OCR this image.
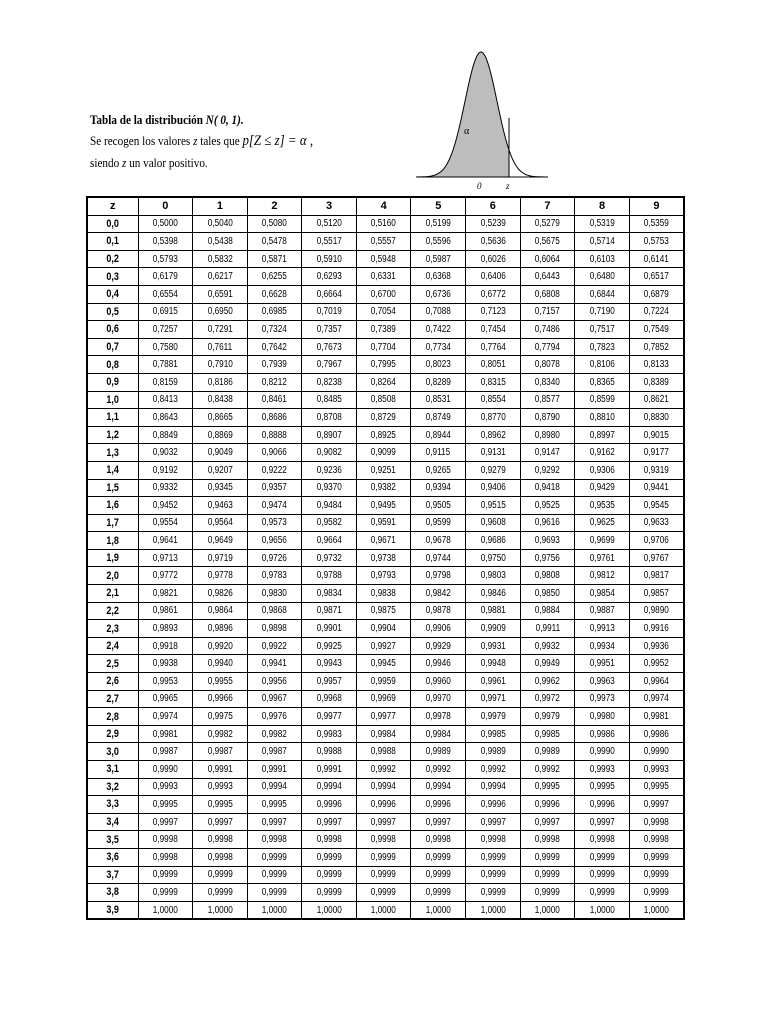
Tabla de la distribución N( 0, 1).
Se recogen los valores z tales que p[Z ≤ z] = α ,
siendo z un valor positivo.
α
0	z
z	0	1	2	3	4	5	6	7	8	9
0,0	0,5000	0,5040	0,5080	0,5120	0,5160	0,5199	0,5239	0,5279	0,5319	0,5359
0,1	0,5398	0,5438	0,5478	0,5517	0,5557	0,5596	0,5636	0,5675	0,5714	0,5753
0,2	0,5793	0,5832	0,5871	0,5910	0,5948	0,5987	0,6026	0,6064	0,6103	0,6141
0,3	0,6179	0,6217	0,6255	0,6293	0,6331	0,6368	0,6406	0,6443	0,6480	0,6517
0,4	0,6554	0,6591	0,6628	0,6664	0,6700	0,6736	0,6772	0,6808	0,6844	0,6879
0,5	0,6915	0,6950	0,6985	0,7019	0,7054	0,7088	0,7123	0,7157	0,7190	0,7224
0,6	0,7257	0,7291	0,7324	0,7357	0,7389	0,7422	0,7454	0,7486	0,7517	0,7549
0,7	0,7580	0,7611	0,7642	0,7673	0,7704	0,7734	0,7764	0,7794	0,7823	0,7852
0,8	0,7881	0,7910	0,7939	0,7967	0,7995	0,8023	0,8051	0,8078	0,8106	0,8133
0,9	0,8159	0,8186	0,8212	0,8238	0,8264	0,8289	0,8315	0,8340	0,8365	0,8389
1,0	0,8413	0,8438	0,8461	0,8485	0,8508	0,8531	0,8554	0,8577	0,8599	0,8621
1,1	0,8643	0,8665	0,8686	0,8708	0,8729	0,8749	0,8770	0,8790	0,8810	0,8830
1,2	0,8849	0,8869	0,8888	0,8907	0,8925	0,8944	0,8962	0,8980	0,8997	0,9015
1,3	0,9032	0,9049	0,9066	0,9082	0,9099	0,9115	0,9131	0,9147	0,9162	0,9177
1,4	0,9192	0,9207	0,9222	0,9236	0,9251	0,9265	0,9279	0,9292	0,9306	0,9319
1,5	0,9332	0,9345	0,9357	0,9370	0,9382	0,9394	0,9406	0,9418	0,9429	0,9441
1,6	0,9452	0,9463	0,9474	0,9484	0,9495	0,9505	0,9515	0,9525	0,9535	0,9545
1,7	0,9554	0,9564	0,9573	0,9582	0,9591	0,9599	0,9608	0,9616	0,9625	0,9633
1,8	0,9641	0,9649	0,9656	0,9664	0,9671	0,9678	0,9686	0,9693	0,9699	0,9706
1,9	0,9713	0,9719	0,9726	0,9732	0,9738	0,9744	0,9750	0,9756	0,9761	0,9767
2,0	0,9772	0,9778	0,9783	0,9788	0,9793	0,9798	0,9803	0,9808	0,9812	0,9817
2,1	0,9821	0,9826	0,9830	0,9834	0,9838	0,9842	0,9846	0,9850	0,9854	0,9857
2,2	0,9861	0,9864	0,9868	0,9871	0,9875	0,9878	0,9881	0,9884	0,9887	0,9890
2,3	0,9893	0,9896	0,9898	0,9901	0,9904	0,9906	0,9909	0,9911	0,9913	0,9916
2,4	0,9918	0,9920	0,9922	0,9925	0,9927	0,9929	0,9931	0,9932	0,9934	0,9936
2,5	0,9938	0,9940	0,9941	0,9943	0,9945	0,9946	0,9948	0,9949	0,9951	0,9952
2,6	0,9953	0,9955	0,9956	0,9957	0,9959	0,9960	0,9961	0,9962	0,9963	0,9964
2,7	0,9965	0,9966	0,9967	0,9968	0,9969	0,9970	0,9971	0,9972	0,9973	0,9974
2,8	0,9974	0,9975	0,9976	0,9977	0,9977	0,9978	0,9979	0,9979	0,9980	0,9981
2,9	0,9981	0,9982	0,9982	0,9983	0,9984	0,9984	0,9985	0,9985	0,9986	0,9986
3,0	0,9987	0,9987	0,9987	0,9988	0,9988	0,9989	0,9989	0,9989	0,9990	0,9990
3,1	0,9990	0,9991	0,9991	0,9991	0,9992	0,9992	0,9992	0,9992	0,9993	0,9993
3,2	0,9993	0,9993	0,9994	0,9994	0,9994	0,9994	0,9994	0,9995	0,9995	0,9995
3,3	0,9995	0,9995	0,9995	0,9996	0,9996	0,9996	0,9996	0,9996	0,9996	0,9997
3,4	0,9997	0,9997	0,9997	0,9997	0,9997	0,9997	0,9997	0,9997	0,9997	0,9998
3,5	0,9998	0,9998	0,9998	0,9998	0,9998	0,9998	0,9998	0,9998	0,9998	0,9998
3,6	0,9998	0,9998	0,9999	0,9999	0,9999	0,9999	0,9999	0,9999	0,9999	0,9999
3,7	0,9999	0,9999	0,9999	0,9999	0,9999	0,9999	0,9999	0,9999	0,9999	0,9999
3,8	0,9999	0,9999	0,9999	0,9999	0,9999	0,9999	0,9999	0,9999	0,9999	0,9999
3,9	1,0000	1,0000	1,0000	1,0000	1,0000	1,0000	1,0000	1,0000	1,0000	1,0000
